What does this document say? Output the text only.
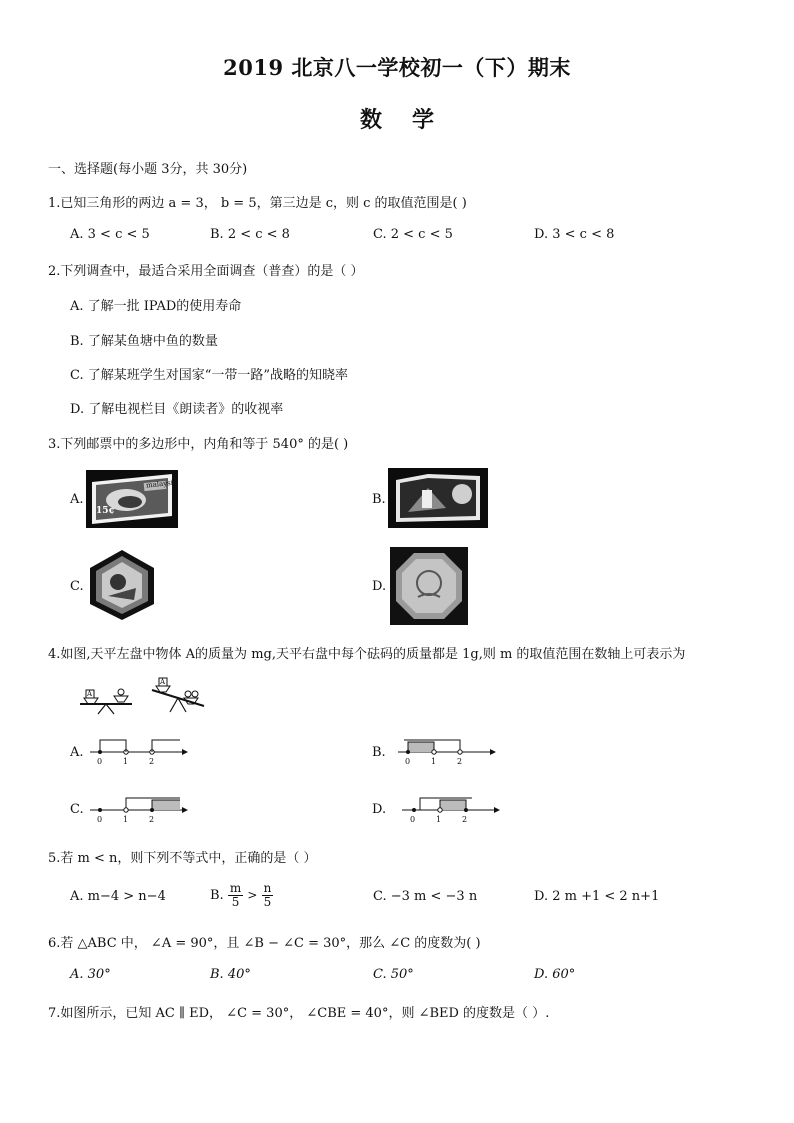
2019 北京八一学校初一（下）期末
数学
一、选择题(每小题 3分，共 30分)
1.已知三角形的两边 a = 3， b = 5，第三边是 c，则 c 的取值范围是( )
A. 3 < c < 5	B. 2 < c < 8	C. 2 < c < 5	D. 3 < c < 8
2.下列调查中，最适合采用全面调查（普查）的是（ ）
A. 了解一批 IPAD的使用寿命
B. 了解某鱼塘中鱼的数量
C. 了解某班学生对国家“一带一路”战略的知晓率
D. 了解电视栏目《朗读者》的收视率
3.下列邮票中的多边形中，内角和等于 540° 的是( )
A.
malaysia
15¢
B.
C.	D.
4.如图,天平左盘中物体 A的质量为 mg,天平右盘中每个砝码的质量都是 1g,则 m 的取值范围在数轴上可表示为
A
A
A.
0	1	2
B.
0	1	2
C.
0	1	2
D.
0	1	2
5.若 m < n，则下列不等式中，正确的是（ ）
A. m−4 > n−4	B. $\frac{m}{5} > \frac{n}{5}$	C. −3 m < −3 n	D. 2 m +1 < 2 n+1
6.若 △ABC 中， ∠A = 90°，且 ∠B − ∠C = 30°，那么 ∠C 的度数为( )
A. 30°	B. 40°	C. 50°	D. 60°
7.如图所示，已知 AC ∥ ED， ∠C = 30°， ∠CBE = 40°，则 ∠BED 的度数是（ ）.
